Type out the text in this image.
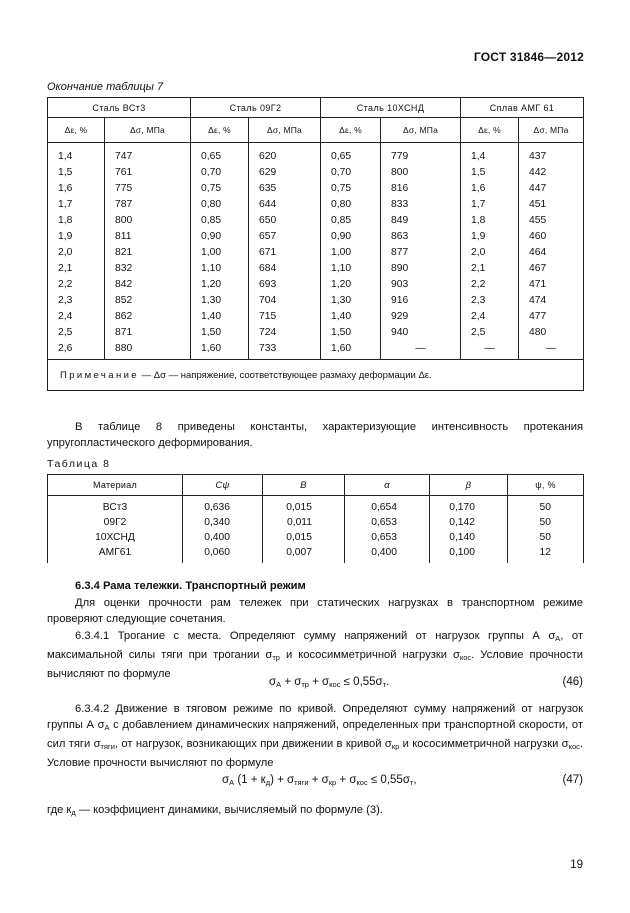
ГОСТ 31846—2012
Окончание таблицы 7
Сталь ВСт3		Сталь 09Г2		Сталь 10ХСНД		Сплав АМГ 61	
Δε, %	Δσ, МПа	Δε, %	Δσ, МПа	Δε, %	Δσ, МПа	Δε, %	Δσ, МПа
1,4	747	0,65	620	0,65	779	1,4	437
1,5	761	0,70	629	0,70	800	1,5	442
1,6	775	0,75	635	0,75	816	1,6	447
1,7	787	0,80	644	0,80	833	1,7	451
1,8	800	0,85	650	0,85	849	1,8	455
1,9	811	0,90	657	0,90	863	1,9	460
2,0	821	1,00	671	1,00	877	2,0	464
2,1	832	1,10	684	1,10	890	2,1	467
2,2	842	1,20	693	1,20	903	2,2	471
2,3	852	1,30	704	1,30	916	2,3	474
2,4	862	1,40	715	1,40	929	2,4	477
2,5	871	1,50	724	1,50	940	2,5	480
2,6	880	1,60	733	1,60	—	—	—
Примечание — Δσ — напряжение, соответствующее размаху деформации Δε.							
В таблице 8 приведены константы, характеризующие интенсивность протекания упругопластического деформирования.
Таблица 8
Материал	Cψ	B	α	β	ψ, %
ВСт3	0,636	0,015	0,654	0,170	50
09Г2	0,340	0,011	0,653	0,142	50
10ХСНД	0,400	0,015	0,653	0,140	50
АМГ61	0,060	0,007	0,400	0,100	12
6.3.4 Рама тележки. Транспортный режим
Для оценки прочности рам тележек при статических нагрузках в транспортном режиме проверяют следующие сочетания.
6.3.4.1 Трогание с места. Определяют сумму напряжений от нагрузок группы А $\sigma_А$, от максимальной силы тяги при трогании $\sigma_{тр}$ и кососимметричной нагрузки $\sigma_{кос}$. Условие прочности вычисляют по формуле
$\sigma_А + \sigma_{тр} + \sigma_{кос} \le 0,55\sigma_т$.	(46)
6.3.4.2 Движение в тяговом режиме по кривой. Определяют сумму напряжений от нагрузок группы А $\sigma_А$ с добавлением динамических напряжений, определенных при транспортной скорости, от сил тяги $\sigma_{тяги}$, от нагрузок, возникающих при движении в кривой $\sigma_{кр}$ и кососимметричной нагрузки $\sigma_{кос}$. Условие прочности вычисляют по формуле
$\sigma_А$ $(1 + к_д) + \sigma_{тяги} + \sigma_{кр} + \sigma_{кос} \le 0,55\sigma_т$,	(47)
где $к_д$ — коэффициент динамики, вычисляемый по формуле (3).
19
